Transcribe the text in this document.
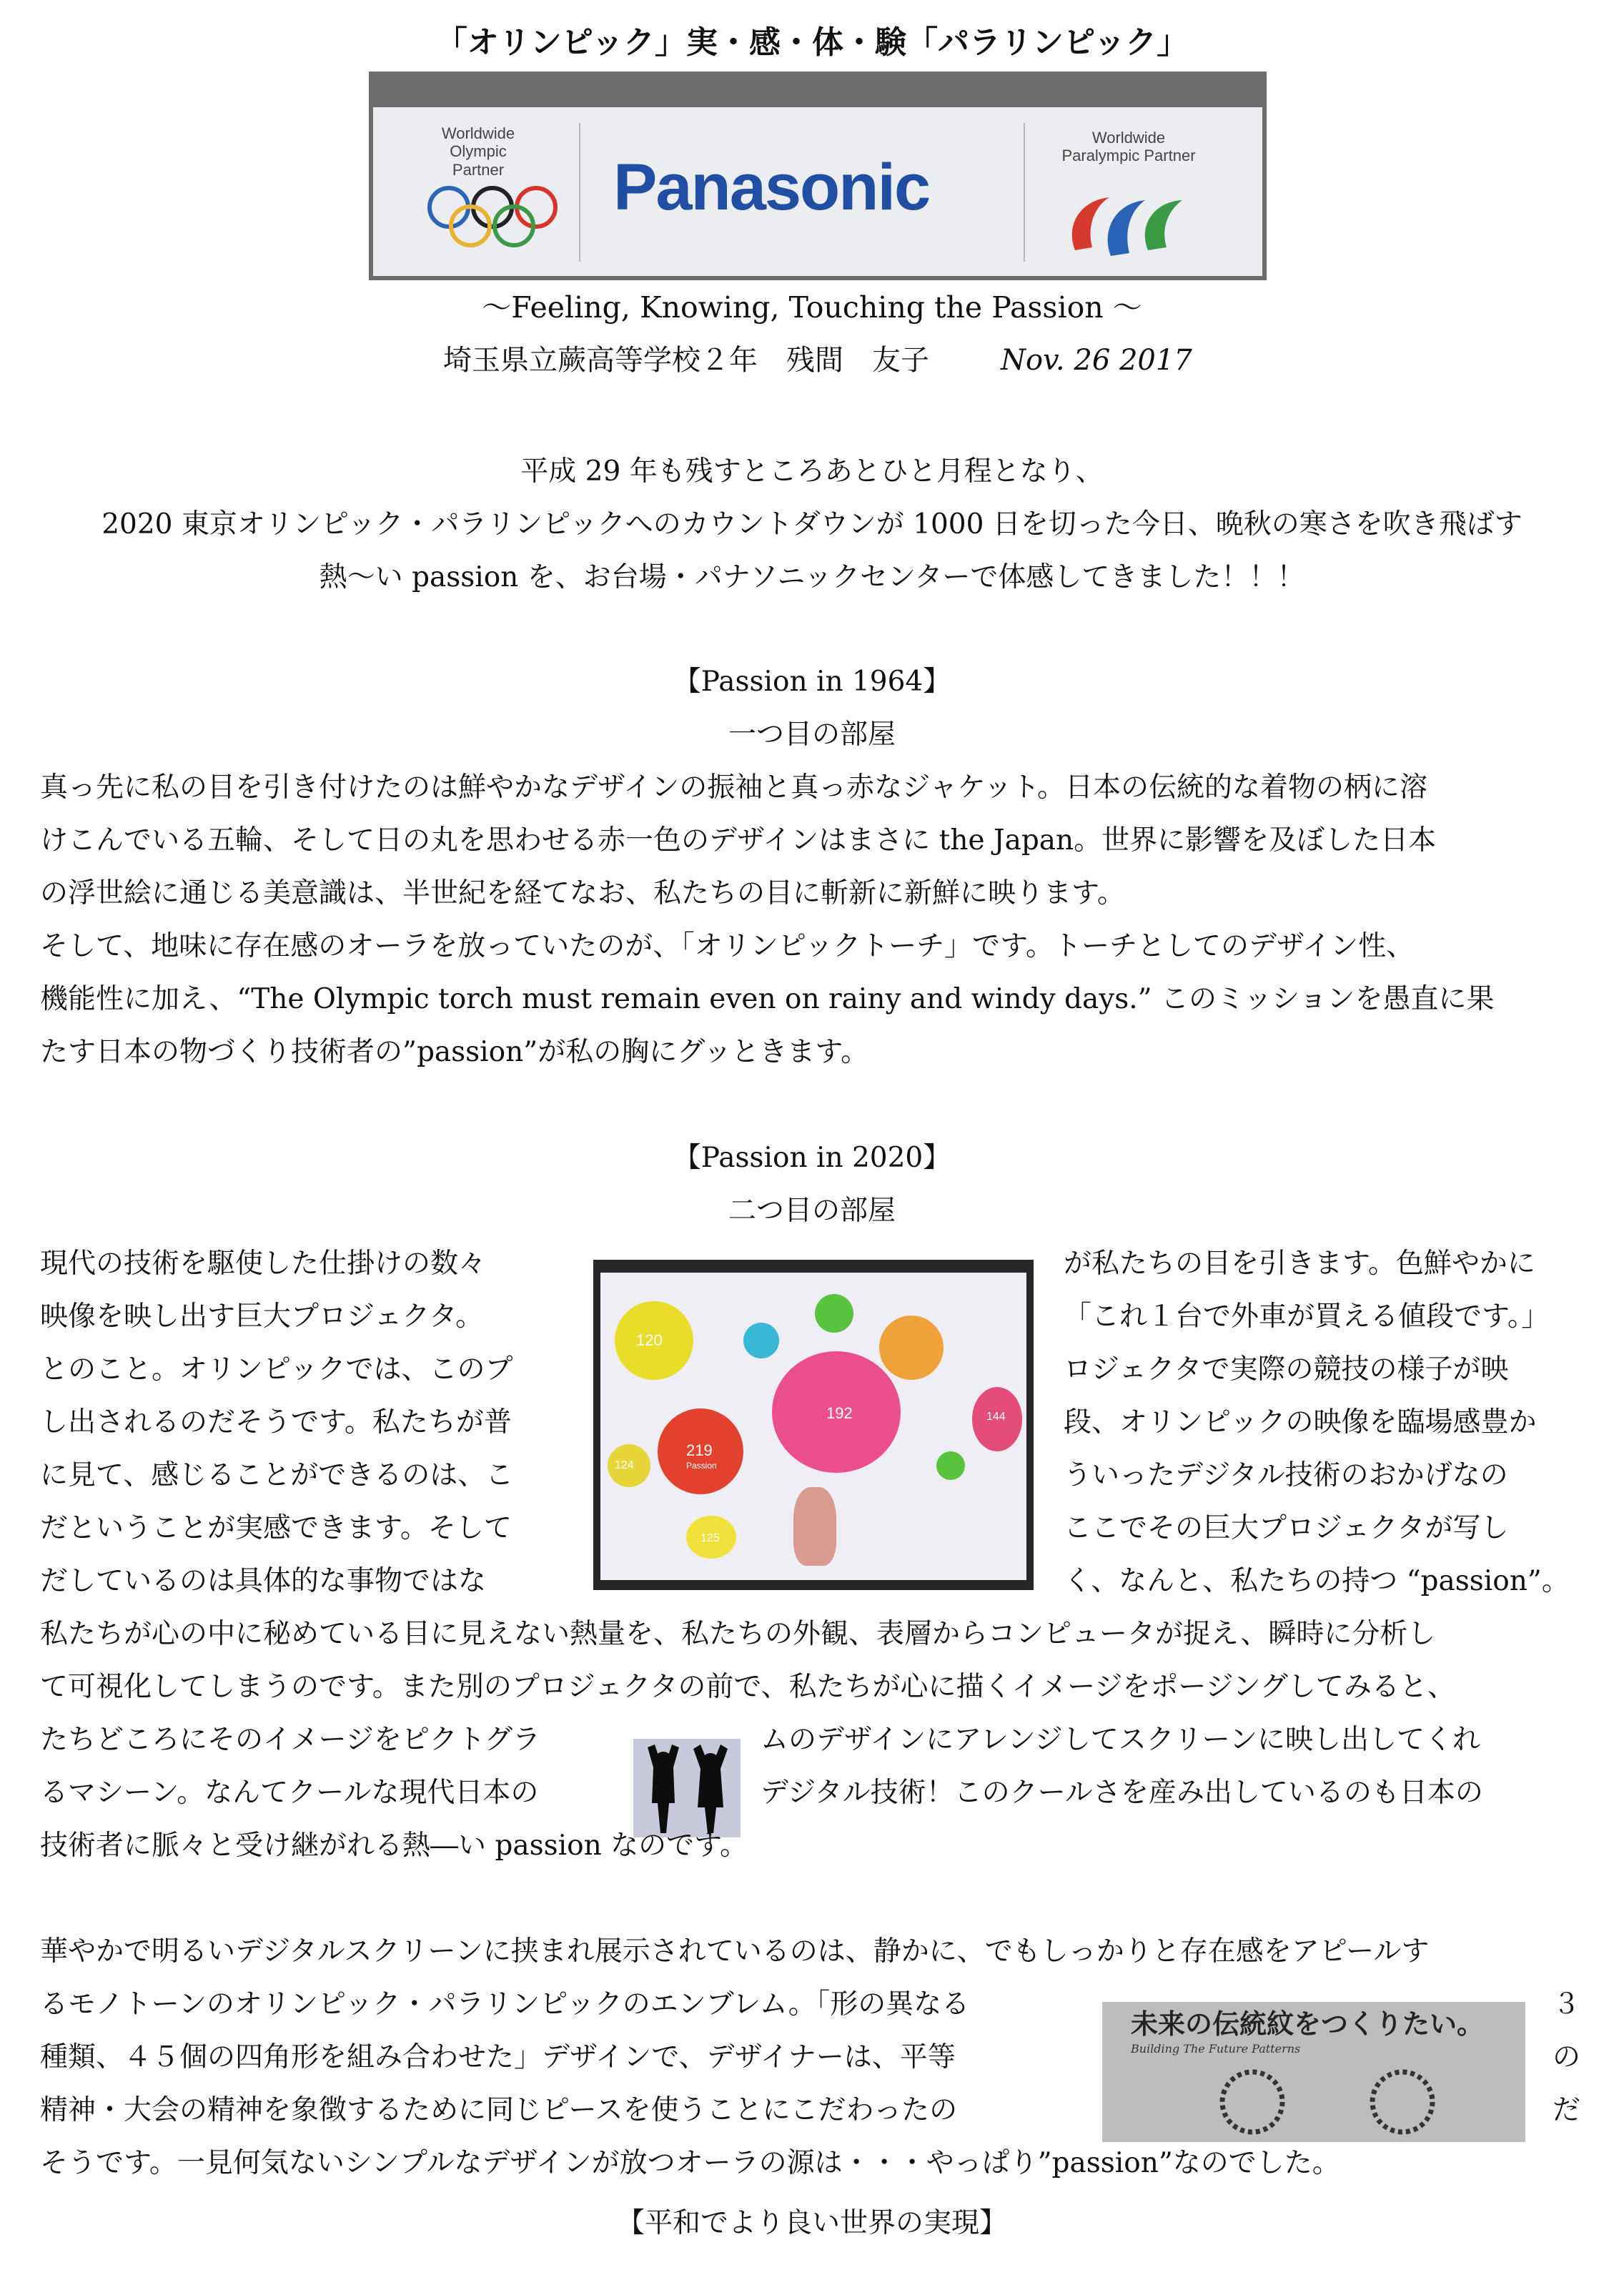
「オリンピック」実・感・体・験「パラリンピック」
Worldwide
Olympic Partner	Panasonic
Worldwide
Paralympic Partner
～Feeling, Knowing, Touching the Passion ～
埼玉県立蕨高等学校２年　残間　友子	Nov. 26 2017
平成 29 年も残すところあとひと月程となり、
2020 東京オリンピック・パラリンピックへのカウントダウンが 1000 日を切った今日、晩秋の寒さを吹き飛ばす
熱～い passion を、お台場・パナソニックセンターで体感してきました！！！
【Passion in 1964】
一つ目の部屋
真っ先に私の目を引き付けたのは鮮やかなデザインの振袖と真っ赤なジャケット。日本の伝統的な着物の柄に溶
けこんでいる五輪、そして日の丸を思わせる赤一色のデザインはまさに the Japan。世界に影響を及ぼした日本
の浮世絵に通じる美意識は、半世紀を経てなお、私たちの目に斬新に新鮮に映ります。
そして、地味に存在感のオーラを放っていたのが、「オリンピックトーチ」です。トーチとしてのデザイン性、
機能性に加え、“The Olympic torch must remain even on rainy and windy days.” このミッションを愚直に果
たす日本の物づくり技術者の”passion”が私の胸にグッときます。
【Passion in 2020】
二つ目の部屋
現代の技術を駆使した仕掛けの数々
映像を映し出す巨大プロジェクタ。
とのこと。オリンピックでは、このプ
し出されるのだそうです。私たちが普
に見て、感じることができるのは、こ
だということが実感できます。そして
だしているのは具体的な事物ではな
120
219
192
124
125
144
Passion
が私たちの目を引きます。色鮮やかに
「これ１台で外車が買える値段です。」
ロジェクタで実際の競技の様子が映
段、オリンピックの映像を臨場感豊か
ういったデジタル技術のおかげなの
ここでその巨大プロジェクタが写し
く、なんと、私たちの持つ “passion”。
私たちが心の中に秘めている目に見えない熱量を、私たちの外観、表層からコンピュータが捉え、瞬時に分析し
て可視化してしまうのです。また別のプロジェクタの前で、私たちが心に描くイメージをポージングしてみると、
たちどころにそのイメージをピクトグラ
るマシーン。なんてクールな現代日本の
ムのデザインにアレンジしてスクリーンに映し出してくれ
デジタル技術！このクールさを産み出しているのも日本の
技術者に脈々と受け継がれる熱―い passion なのです。
華やかで明るいデジタルスクリーンに挟まれ展示されているのは、静かに、でもしっかりと存在感をアピールす
るモノトーンのオリンピック・パラリンピックのエンブレム。「形の異なる
種類、４５個の四角形を組み合わせた」デザインで、デザイナーは、平等
精神・大会の精神を象徴するために同じピースを使うことにこだわったの
未来の伝統紋をつくりたい。
Building The Future Patterns
３
の
だ
そうです。一見何気ないシンプルなデザインが放つオーラの源は・・・やっぱり”passion”なのでした。
【平和でより良い世界の実現】
